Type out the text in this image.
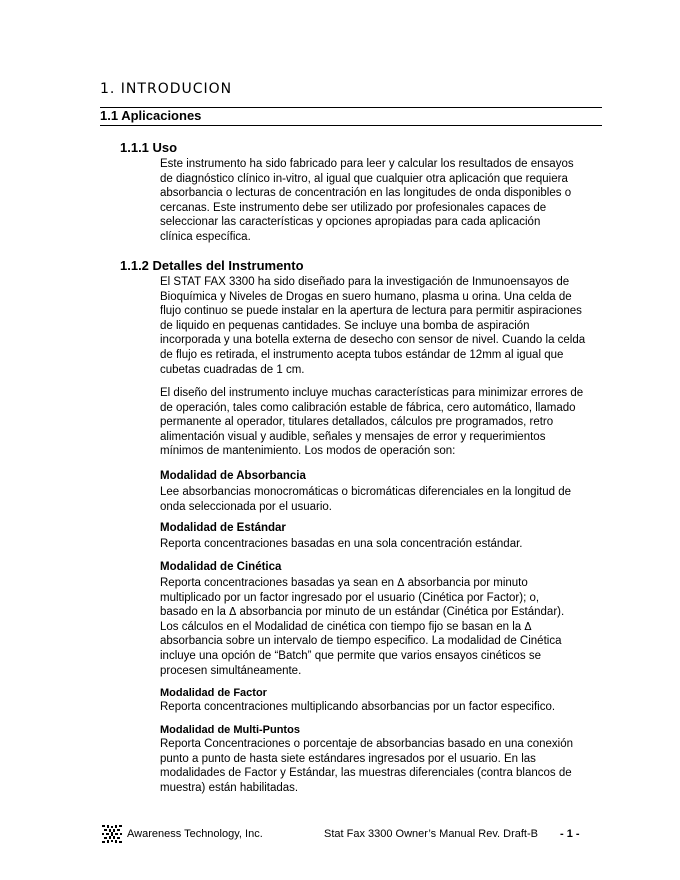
1. INTRODUCION
1.1 Aplicaciones
1.1.1 Uso
Este instrumento ha sido fabricado para leer y calcular los resultados de ensayos
de diagnóstico clínico in-vitro, al igual que cualquier otra aplicación que requiera
absorbancia o lecturas de concentración en las longitudes de onda disponibles o
cercanas. Este instrumento debe ser utilizado por profesionales capaces de
seleccionar las características y opciones apropiadas para cada aplicación
clínica específica.
1.1.2 Detalles del Instrumento
El STAT FAX 3300 ha sido diseñado para la investigación de Inmunoensayos de
Bioquímica y Niveles de Drogas en suero humano, plasma u orina. Una celda de
flujo continuo se puede instalar en la apertura de lectura para permitir aspiraciones
de liquido en pequenas cantidades. Se incluye una bomba de aspiración
incorporada y una botella externa de desecho con sensor de nivel. Cuando la celda
de flujo es retirada, el instrumento acepta tubos estándar de 12mm al igual que
cubetas cuadradas de 1 cm.
El diseño del instrumento incluye muchas características para minimizar errores de
de operación, tales como calibración estable de fábrica, cero automático, llamado
permanente al operador, titulares detallados, cálculos pre programados, retro
alimentación visual y audible, señales y mensajes de error y requerimientos
mínimos de mantenimiento. Los modos de operación son:
Modalidad de Absorbancia
Lee absorbancias monocromáticas o bicromáticas diferenciales en la longitud de
onda seleccionada por el usuario.
Modalidad de Estándar
Reporta concentraciones basadas en una sola concentración estándar.
Modalidad de Cinética
Reporta concentraciones basadas ya sean en Δ absorbancia por minuto
multiplicado por un factor ingresado por el usuario (Cinética por Factor); o,
basado en la Δ absorbancia por minuto de un estándar (Cinética por Estándar).
Los cálculos en el Modalidad de cinética con tiempo fijo se basan en la Δ
absorbancia sobre un intervalo de tiempo especifico. La modalidad de Cinética
incluye una opción de “Batch” que permite que varios ensayos cinéticos se
procesen simultáneamente.
Modalidad de Factor
Reporta concentraciones multiplicando absorbancias por un factor especifico.
Modalidad de Multi-Puntos
Reporta Concentraciones o porcentaje de absorbancias basado en una conexión
punto a punto de hasta siete estándares ingresados por el usuario. En las
modalidades de Factor y Estándar, las muestras diferenciales (contra blancos de
muestra) están habilitadas.
Awareness Technology, Inc.	Stat Fax 3300 Owner’s Manual Rev. Draft-B - 1 -
